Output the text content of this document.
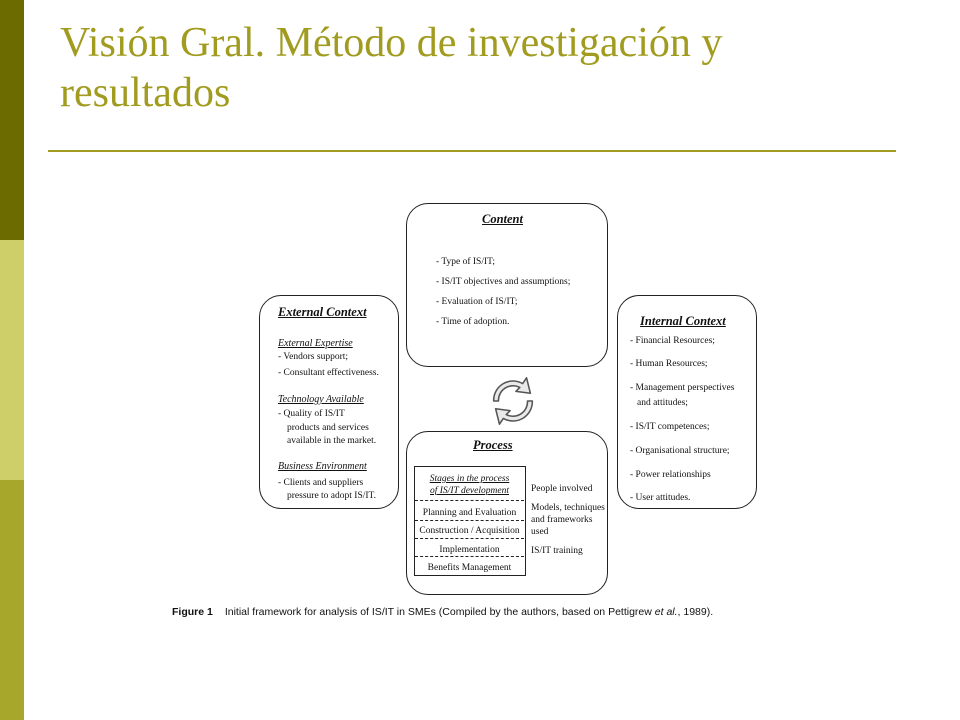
Visión Gral. Método de investigación y
resultados
Content
- Type of IS/IT;
- IS/IT objectives and assumptions;
- Evaluation of IS/IT;
- Time of adoption.
External Context
External Expertise
- Vendors support;
- Consultant effectiveness.
Technology Available
- Quality of IS/IT
products and services
available in the market.
Business Environment
- Clients and suppliers
pressure to adopt IS/IT.
Internal Context
- Financial Resources;
- Human Resources;
- Management perspectives
and attitudes;
- IS/IT competences;
- Organisational structure;
- Power relationships
- User attitudes.
Process
Stages in the process
of IS/IT development
Planning and Evaluation
Construction / Acquisition
Implementation
Benefits Management
People involved
Models, techniques
and frameworks
used
IS/IT training
Figure 1 Initial framework for analysis of IS/IT in SMEs (Compiled by the authors, based on Pettigrew et al., 1989).
